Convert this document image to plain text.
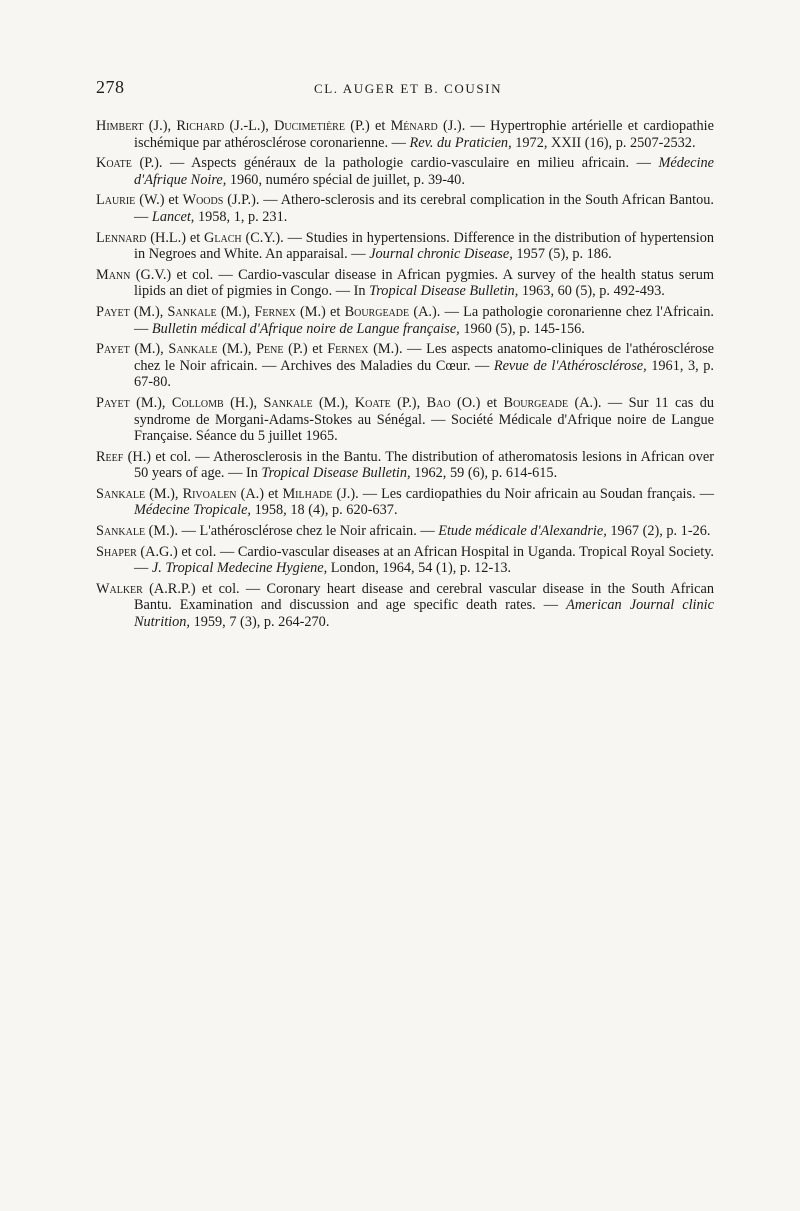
278	CL. AUGER ET B. COUSIN

Himbert (J.), Richard (J.-L.), Ducimetière (P.) et Ménard (J.). — Hypertrophie artérielle et cardiopathie ischémique par athérosclérose coronarienne. — Rev. du Praticien, 1972, XXII (16), p. 2507-2532.

Koate (P.). — Aspects généraux de la pathologie cardio-vasculaire en milieu africain. — Médecine d'Afrique Noire, 1960, numéro spécial de juillet, p. 39-40.

Laurie (W.) et Woods (J.P.). — Athero-sclerosis and its cerebral complication in the South African Bantou. — Lancet, 1958, 1, p. 231.

Lennard (H.L.) et Glach (C.Y.). — Studies in hypertensions. Difference in the distribution of hypertension in Negroes and White. An apparaisal. — Journal chronic Disease, 1957 (5), p. 186.

Mann (G.V.) et col. — Cardio-vascular disease in African pygmies. A survey of the health status serum lipids an diet of pigmies in Congo. — In Tropical Disease Bulletin, 1963, 60 (5), p. 492-493.

Payet (M.), Sankale (M.), Fernex (M.) et Bourgeade (A.). — La pathologie coronarienne chez l'Africain. — Bulletin médical d'Afrique noire de Langue française, 1960 (5), p. 145-156.

Payet (M.), Sankale (M.), Pene (P.) et Fernex (M.). — Les aspects anatomo-cliniques de l'athérosclérose chez le Noir africain. — Archives des Maladies du Cœur. — Revue de l'Athérosclérose, 1961, 3, p. 67-80.

Payet (M.), Collomb (H.), Sankale (M.), Koate (P.), Bao (O.) et Bourgeade (A.). — Sur 11 cas du syndrome de Morgani-Adams-Stokes au Sénégal. — Société Médicale d'Afrique noire de Langue Française. Séance du 5 juillet 1965.

Reef (H.) et col. — Atherosclerosis in the Bantu. The distribution of atheromatosis lesions in African over 50 years of age. — In Tropical Disease Bulletin, 1962, 59 (6), p. 614-615.

Sankale (M.), Rivoalen (A.) et Milhade (J.). — Les cardiopathies du Noir africain au Soudan français. — Médecine Tropicale, 1958, 18 (4), p. 620-637.

Sankale (M.). — L'athérosclérose chez le Noir africain. — Etude médicale d'Alexandrie, 1967 (2), p. 1-26.

Shaper (A.G.) et col. — Cardio-vascular diseases at an African Hospital in Uganda. Tropical Royal Society. — J. Tropical Medecine Hygiene, London, 1964, 54 (1), p. 12-13.

Walker (A.R.P.) et col. — Coronary heart disease and cerebral vascular disease in the South African Bantu. Examination and discussion and age specific death rates. — American Journal clinic Nutrition, 1959, 7 (3), p. 264-270.
